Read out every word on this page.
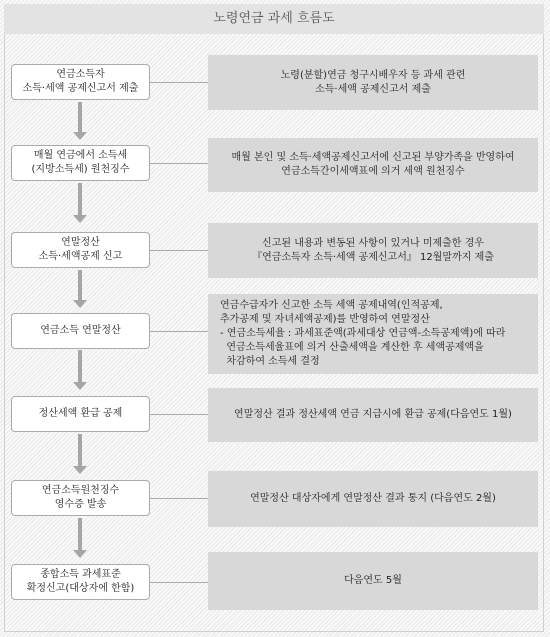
노령연금 과세 흐름도
연금소득자
소득·세액 공제신고서 제출
노령(분할)연금 청구시배우자 등 과세 관련
소득·세액 공제신고서 제출
매월 연금에서 소득세
(지방소득세) 원천징수
매월 본인 및 소득·세액공제신고서에 신고된 부양가족을 반영하여
연금소득간이세액표에 의거 세액 원천징수
연말정산
소득·세액공제 신고
신고된 내용과 변동된 사항이 있거나 미제출한 경우
『연금소득자 소득·세액 공제신고서』 12월말까지 제출
연금소득 연말정산
연금수급자가 신고한 소득 세액 공제내역(인적공제,
추가공제 및 자녀세액공제)를 반영하여 연말정산
- 연금소득세율 : 과세표준액(과세대상 연금액-소득공제액)에 따라
연금소득세율표에 의거 산출세액을 계산한 후 세액공제액을
차감하여 소득세 결정
정산세액 환급 공제	연말정산 결과 정산세액 연금 지급시에 환급 공제(다음연도 1월)
연금소득원천징수
영수증 발송
연말정산 대상자에게 연말정산 결과 통지 (다음연도 2월)
종합소득 과세표준
확정신고(대상자에 한함)
다음연도 5월
